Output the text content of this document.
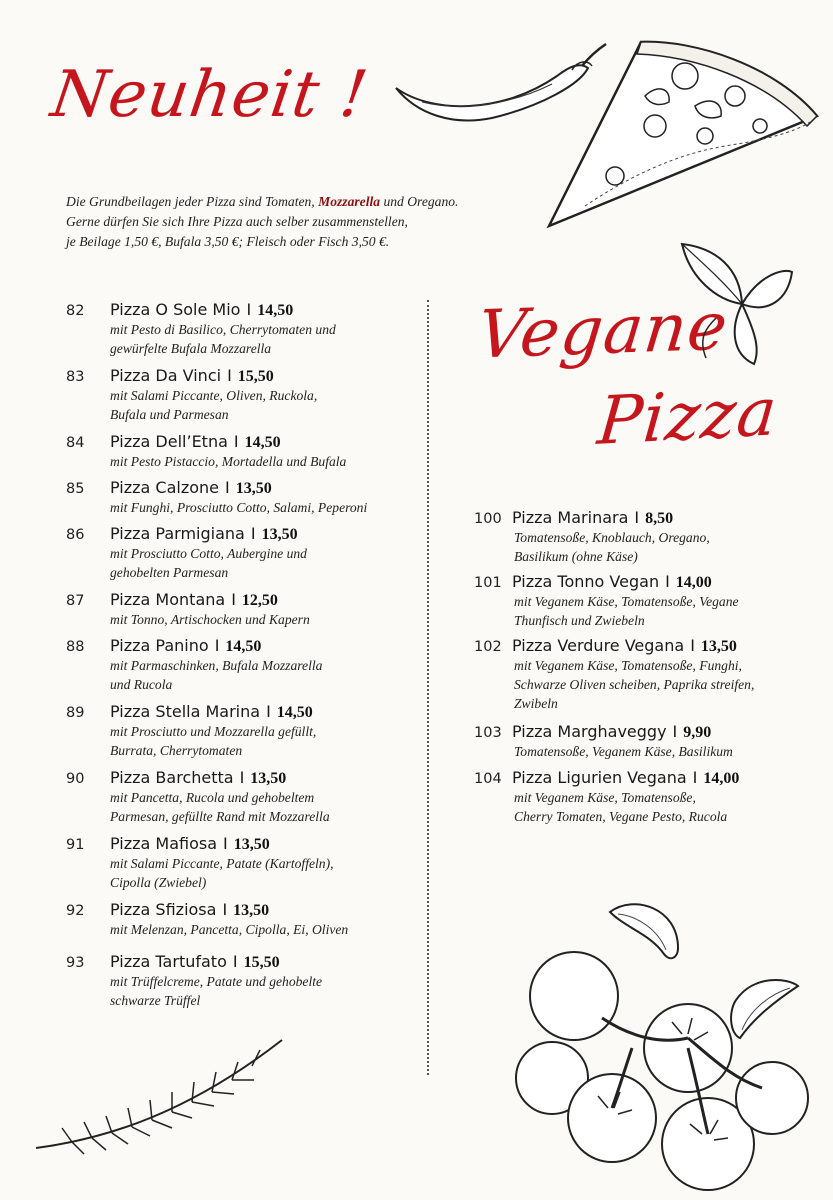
Neuheit !
Vegane
Pizza
Die Grundbeilagen jeder Pizza sind Tomaten, Mozzarella und Oregano.
Gerne dürfen Sie sich Ihre Pizza auch selber zusammenstellen,
je Beilage 1,50 €, Bufala 3,50 €; Fleisch oder Fisch 3,50 €.
82	Pizza O Sole Mio I 14,50
mit Pesto di Basilico, Cherrytomaten und
gewürfelte Bufala Mozzarella
83	Pizza Da Vinci I 15,50
mit Salami Piccante, Oliven, Ruckola,
Bufala und Parmesan
84	Pizza Dell’Etna I 14,50
mit Pesto Pistaccio, Mortadella und Bufala
85	Pizza Calzone I 13,50
mit Funghi, Prosciutto Cotto, Salami, Peperoni
86	Pizza Parmigiana I 13,50
mit Prosciutto Cotto, Aubergine und
gehobelten Parmesan
87	Pizza Montana I 12,50
mit Tonno, Artischocken und Kapern
88	Pizza Panino I 14,50
mit Parmaschinken, Bufala Mozzarella
und Rucola
89	Pizza Stella Marina I 14,50
mit Prosciutto und Mozzarella gefüllt,
Burrata, Cherrytomaten
90	Pizza Barchetta I 13,50
mit Pancetta, Rucola und gehobeltem
Parmesan, gefüllte Rand mit Mozzarella
91	Pizza Mafiosa I 13,50
mit Salami Piccante, Patate (Kartoffeln),
Cipolla (Zwiebel)
92	Pizza Sfiziosa I 13,50
mit Melenzan, Pancetta, Cipolla, Ei, Oliven
93	Pizza Tartufato I 15,50
mit Trüffelcreme, Patate und gehobelte
schwarze Trüffel
100 Pizza Marinara I 8,50
Tomatensoße, Knoblauch, Oregano,
Basilikum (ohne Käse)
101 Pizza Tonno Vegan I 14,00
mit Veganem Käse, Tomatensoße, Vegane
Thunfisch und Zwiebeln
102 Pizza Verdure Vegana I 13,50
mit Veganem Käse, Tomatensoße, Funghi,
Schwarze Oliven scheiben, Paprika streifen,
Zwibeln
103 Pizza Marghaveggy I 9,90
Tomatensoße, Veganem Käse, Basilikum
104 Pizza Ligurien Vegana I 14,00
mit Veganem Käse, Tomatensoße,
Cherry Tomaten, Vegane Pesto, Rucola
